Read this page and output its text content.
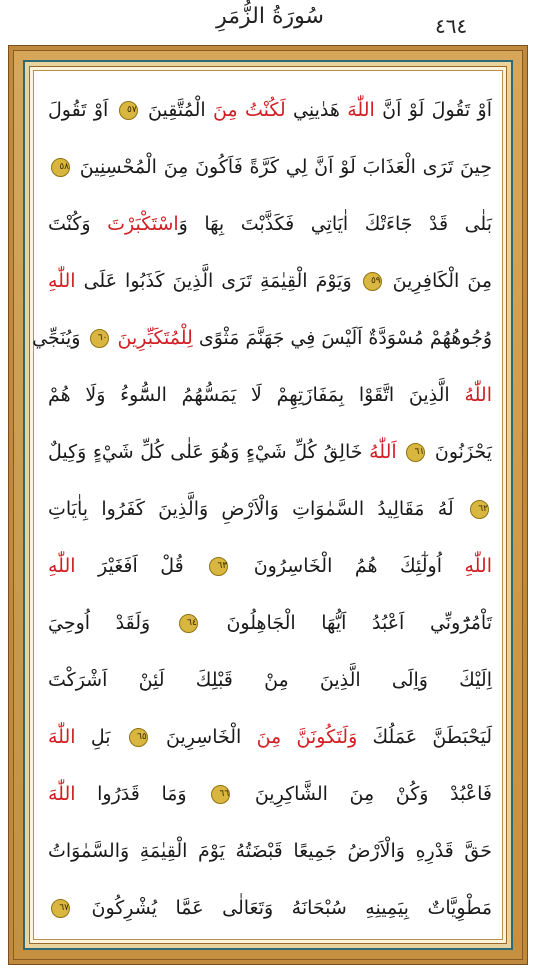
سُورَةُ الزُّمَرِ	٤٦٤
اَوْ تَقُولَ لَوْ اَنَّ اللّٰهَ هَدٰينِي لَكُنْتُ مِنَ الْمُتَّقِينَ ٥٧ اَوْ تَقُولَ
حِينَ تَرَى الْعَذَابَ لَوْ اَنَّ لِي كَرَّةً فَاَكُونَ مِنَ الْمُحْسِنِينَ ٥٨
بَلٰى قَدْ جَٓاءَتْكَ اٰيَاتِي فَكَذَّبْتَ بِهَا وَاسْتَكْبَرْتَ وَكُنْتَ
مِنَ الْكَافِرِينَ ٥٩ وَيَوْمَ الْقِيٰمَةِ تَرَى الَّذِينَ كَذَبُوا عَلَى اللّٰهِ
وُجُوهُهُمْ مُسْوَدَّةٌ اَلَيْسَ فِي جَهَنَّمَ مَثْوًى لِلْمُتَكَبِّرِينَ ٦٠ وَيُنَجِّي
اللّٰهُ الَّذِينَ اتَّقَوْا بِمَفَازَتِهِمْ لَا يَمَسُّهُمُ السُّٓوءُ وَلَا هُمْ
يَحْزَنُونَ ٦١ اَللّٰهُ خَالِقُ كُلِّ شَيْءٍ وَهُوَ عَلٰى كُلِّ شَيْءٍ وَكِيلٌ
٦٢ لَهُ مَقَالِيدُ السَّمٰوَاتِ وَالْاَرْضِ وَالَّذِينَ كَفَرُوا بِاٰيَاتِ
اللّٰهِ اُولٰٓئِكَ هُمُ الْخَاسِرُونَ ٦٣ قُلْ اَفَغَيْرَ اللّٰهِ
تَاْمُرُٓونِّي اَعْبُدُ اَيُّهَا الْجَاهِلُونَ ٦٤ وَلَقَدْ اُوحِيَ
اِلَيْكَ وَاِلَى الَّذِينَ مِنْ قَبْلِكَ لَئِنْ اَشْرَكْتَ
لَيَحْبَطَنَّ عَمَلُكَ وَلَتَكُونَنَّ مِنَ الْخَاسِرِينَ ٦٥ بَلِ اللّٰهَ
فَاعْبُدْ وَكُنْ مِنَ الشَّاكِرِينَ ٦٦ وَمَا قَدَرُوا اللّٰهَ
حَقَّ قَدْرِهِ وَالْاَرْضُ جَمِيعًا قَبْضَتُهُ يَوْمَ الْقِيٰمَةِ وَالسَّمٰوَاتُ
مَطْوِيَّاتٌ بِيَمِينِهِ سُبْحَانَهُ وَتَعَالٰى عَمَّا يُشْرِكُونَ ٦٧
